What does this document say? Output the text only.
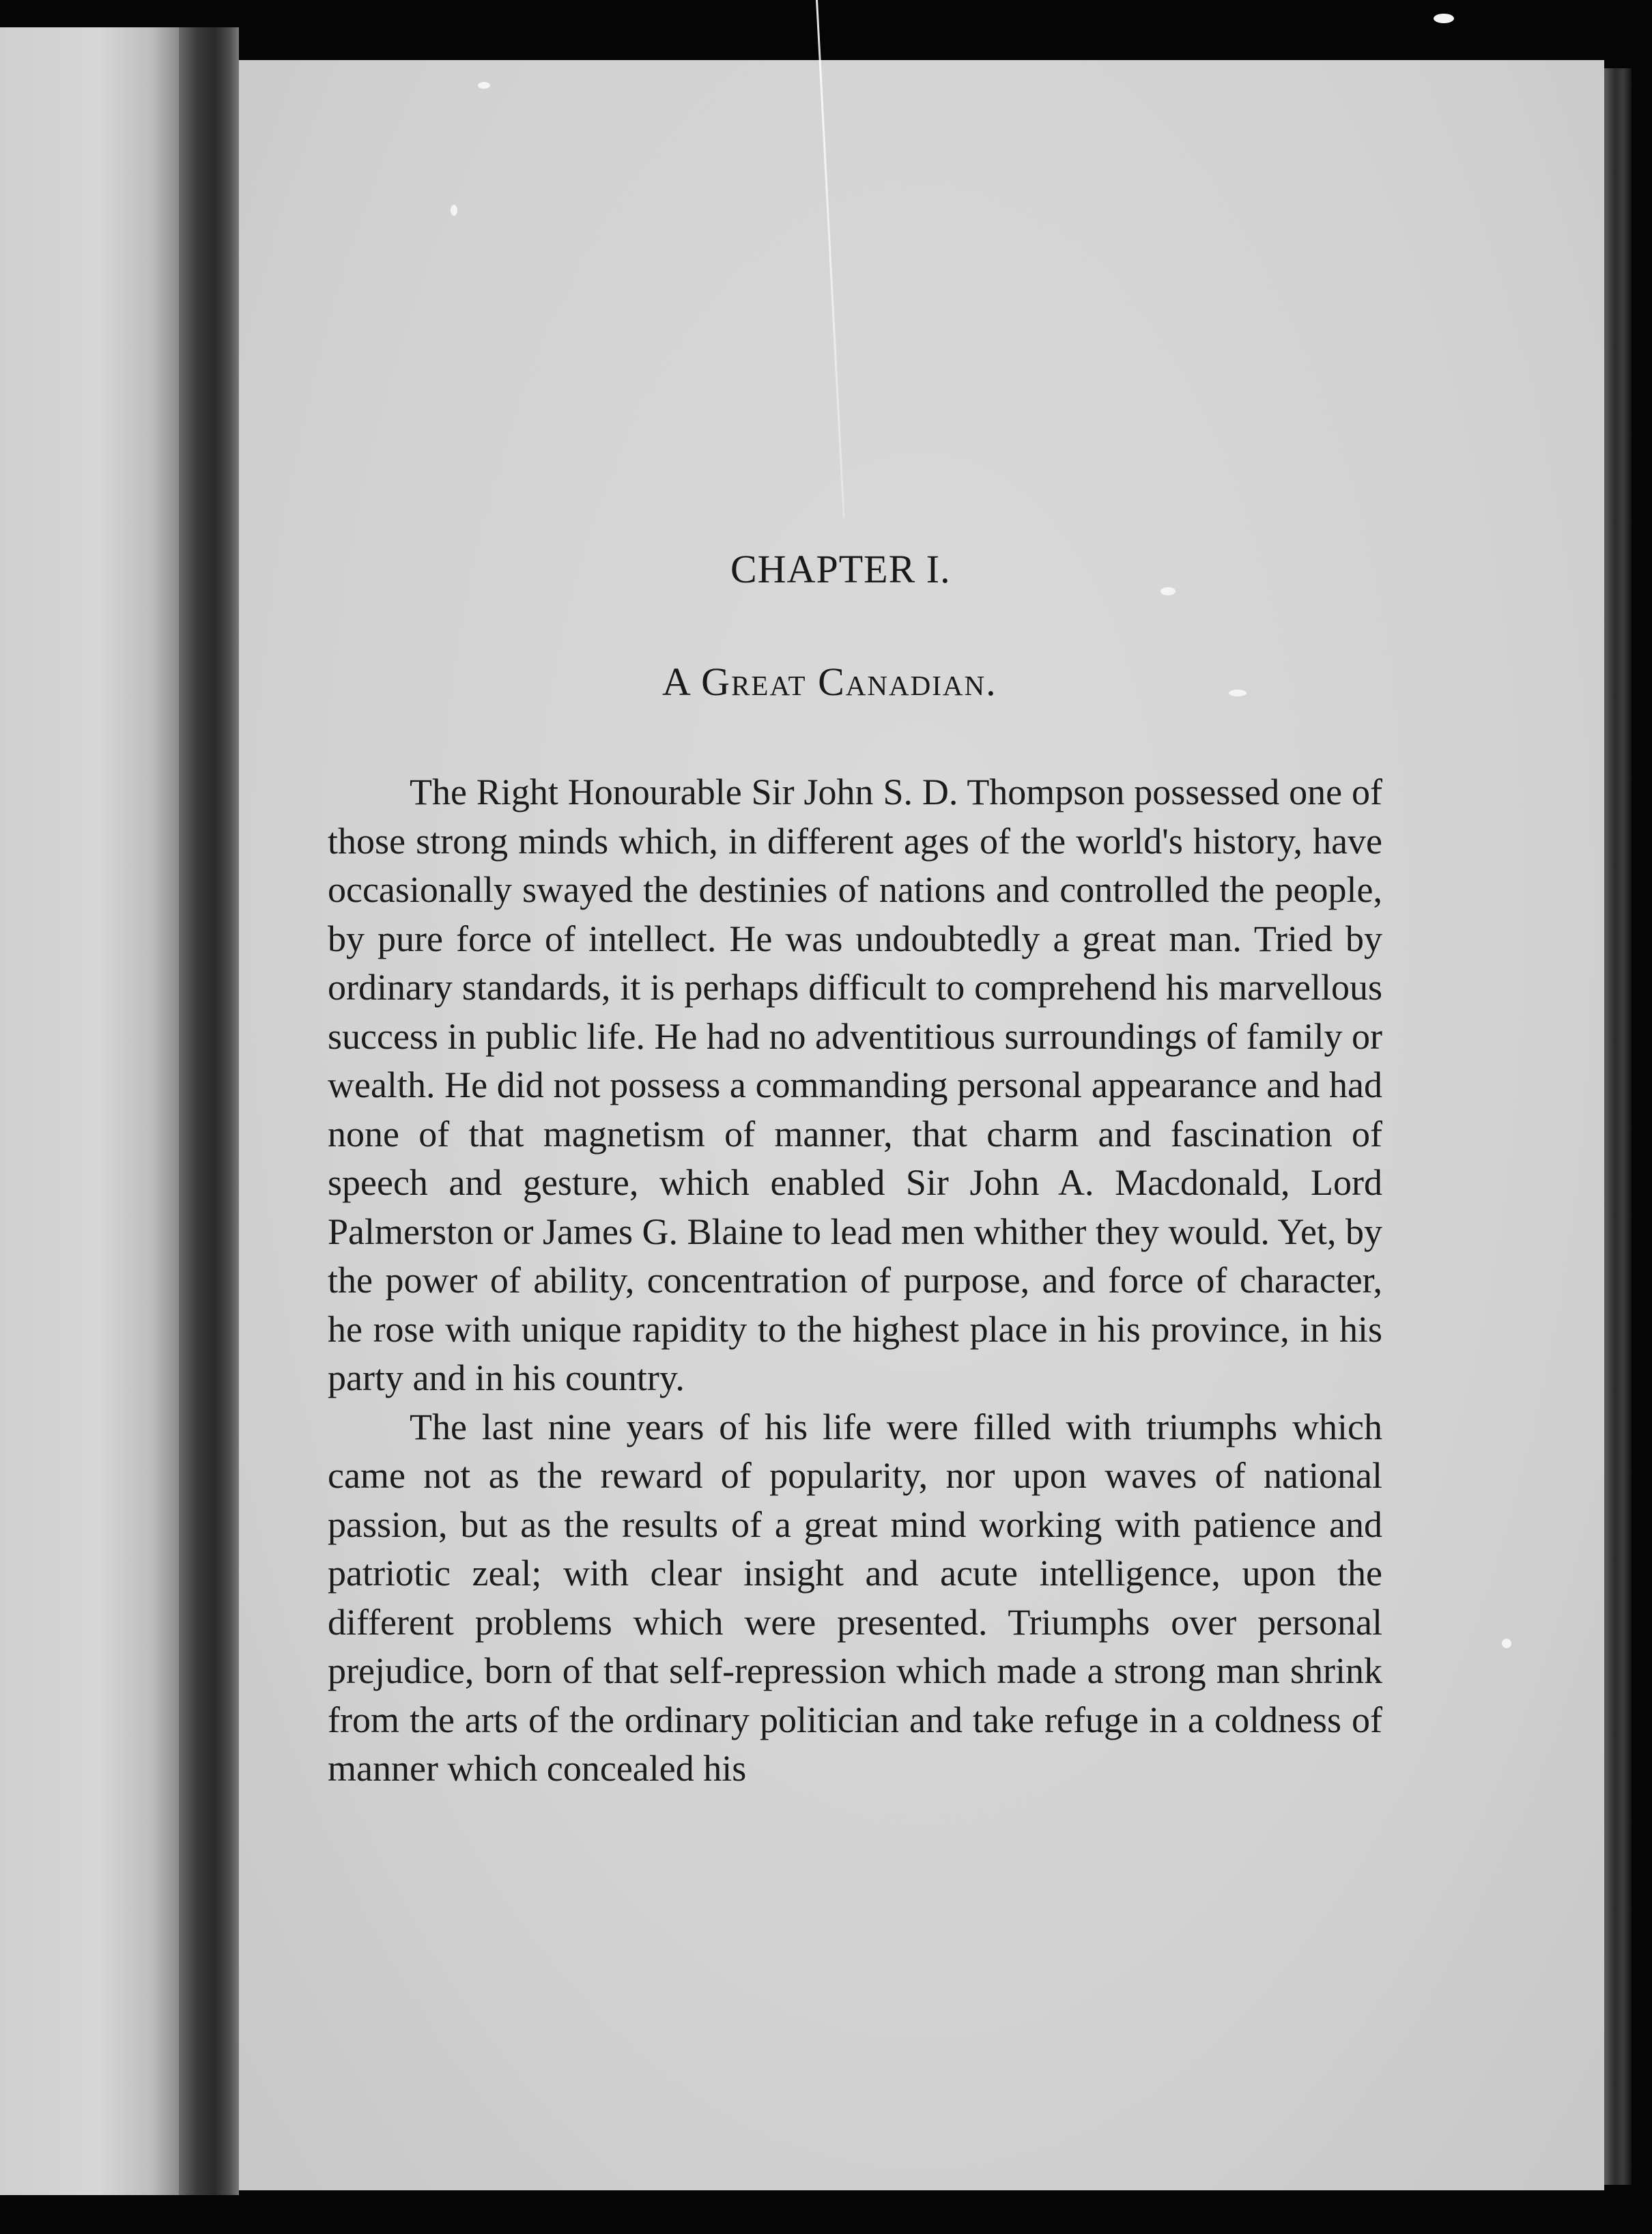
CHAPTER I.
A Great Canadian.

The Right Honourable Sir John S. D. Thompson possessed one of those strong minds which, in different ages of the world's history, have occasionally swayed the destinies of nations and controlled the people, by pure force of intellect. He was undoubtedly a great man. Tried by ordinary standards, it is perhaps difficult to comprehend his marvellous success in public life. He had no adventitious surroundings of family or wealth. He did not possess a commanding personal appearance and had none of that magnetism of manner, that charm and fascination of speech and gesture, which enabled Sir John A. Macdonald, Lord Palmerston or James G. Blaine to lead men whither they would. Yet, by the power of ability, concentration of purpose, and force of character, he rose with unique rapidity to the highest place in his province, in his party and in his country.

The last nine years of his life were filled with triumphs which came not as the reward of popularity, nor upon waves of national passion, but as the results of a great mind working with patience and patriotic zeal; with clear insight and acute intelligence, upon the different problems which were presented. Triumphs over personal prejudice, born of that self-repression which made a strong man shrink from the arts of the ordinary politician and take refuge in a coldness of manner which concealed his
